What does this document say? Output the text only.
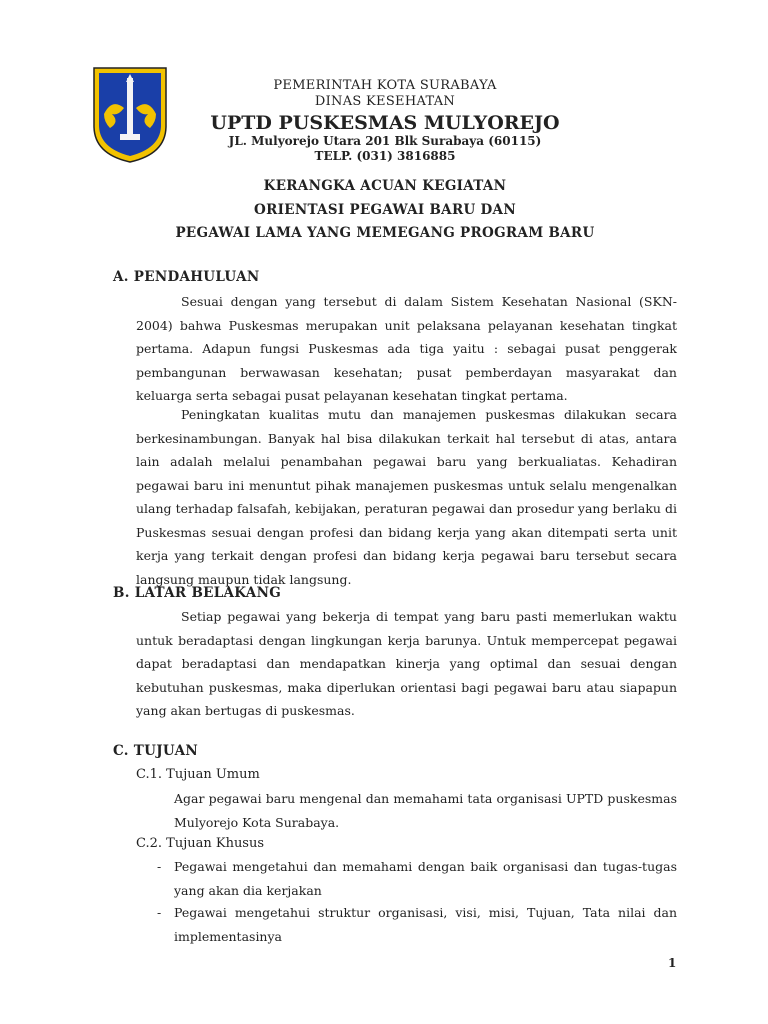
PEMERINTAH KOTA SURABAYA
DINAS KESEHATAN
UPTD PUSKESMAS MULYOREJO
JL. Mulyorejo Utara 201 Blk Surabaya (60115)
TELP. (031) 3816885
KERANGKA ACUAN KEGIATAN
ORIENTASI PEGAWAI BARU DAN
PEGAWAI LAMA YANG MEMEGANG PROGRAM BARU
A. PENDAHULUAN
Sesuai dengan yang tersebut di dalam Sistem Kesehatan Nasional (SKN-2004) bahwa Puskesmas merupakan unit pelaksana pelayanan kesehatan tingkat pertama. Adapun fungsi Puskesmas ada tiga yaitu : sebagai pusat penggerak pembangunan berwawasan kesehatan; pusat pemberdayan masyarakat dan keluarga serta sebagai pusat pelayanan kesehatan tingkat pertama.
Peningkatan kualitas mutu dan manajemen puskesmas dilakukan secara berkesinambungan. Banyak hal bisa dilakukan terkait hal tersebut di atas, antara lain adalah melalui penambahan pegawai baru yang berkualiatas. Kehadiran pegawai baru ini menuntut pihak manajemen puskesmas untuk selalu mengenalkan ulang terhadap falsafah, kebijakan, peraturan pegawai dan prosedur yang berlaku di Puskesmas sesuai dengan profesi dan bidang kerja yang akan ditempati serta unit kerja yang terkait dengan profesi dan bidang kerja pegawai baru tersebut secara langsung maupun tidak langsung.
B. LATAR BELAKANG
Setiap pegawai yang bekerja di tempat yang baru pasti memerlukan waktu untuk beradaptasi dengan lingkungan kerja barunya. Untuk mempercepat pegawai dapat beradaptasi dan mendapatkan kinerja yang optimal dan sesuai dengan kebutuhan puskesmas, maka diperlukan orientasi bagi pegawai baru atau siapapun yang akan bertugas di puskesmas.
C. TUJUAN
C.1. Tujuan Umum
Agar pegawai baru mengenal dan memahami tata organisasi UPTD puskesmas Mulyorejo Kota Surabaya.
C.2. Tujuan Khusus
- Pegawai mengetahui dan memahami dengan baik organisasi dan tugas-tugas yang akan dia kerjakan
- Pegawai mengetahui struktur organisasi, visi, misi, Tujuan, Tata nilai dan implementasinya
1
